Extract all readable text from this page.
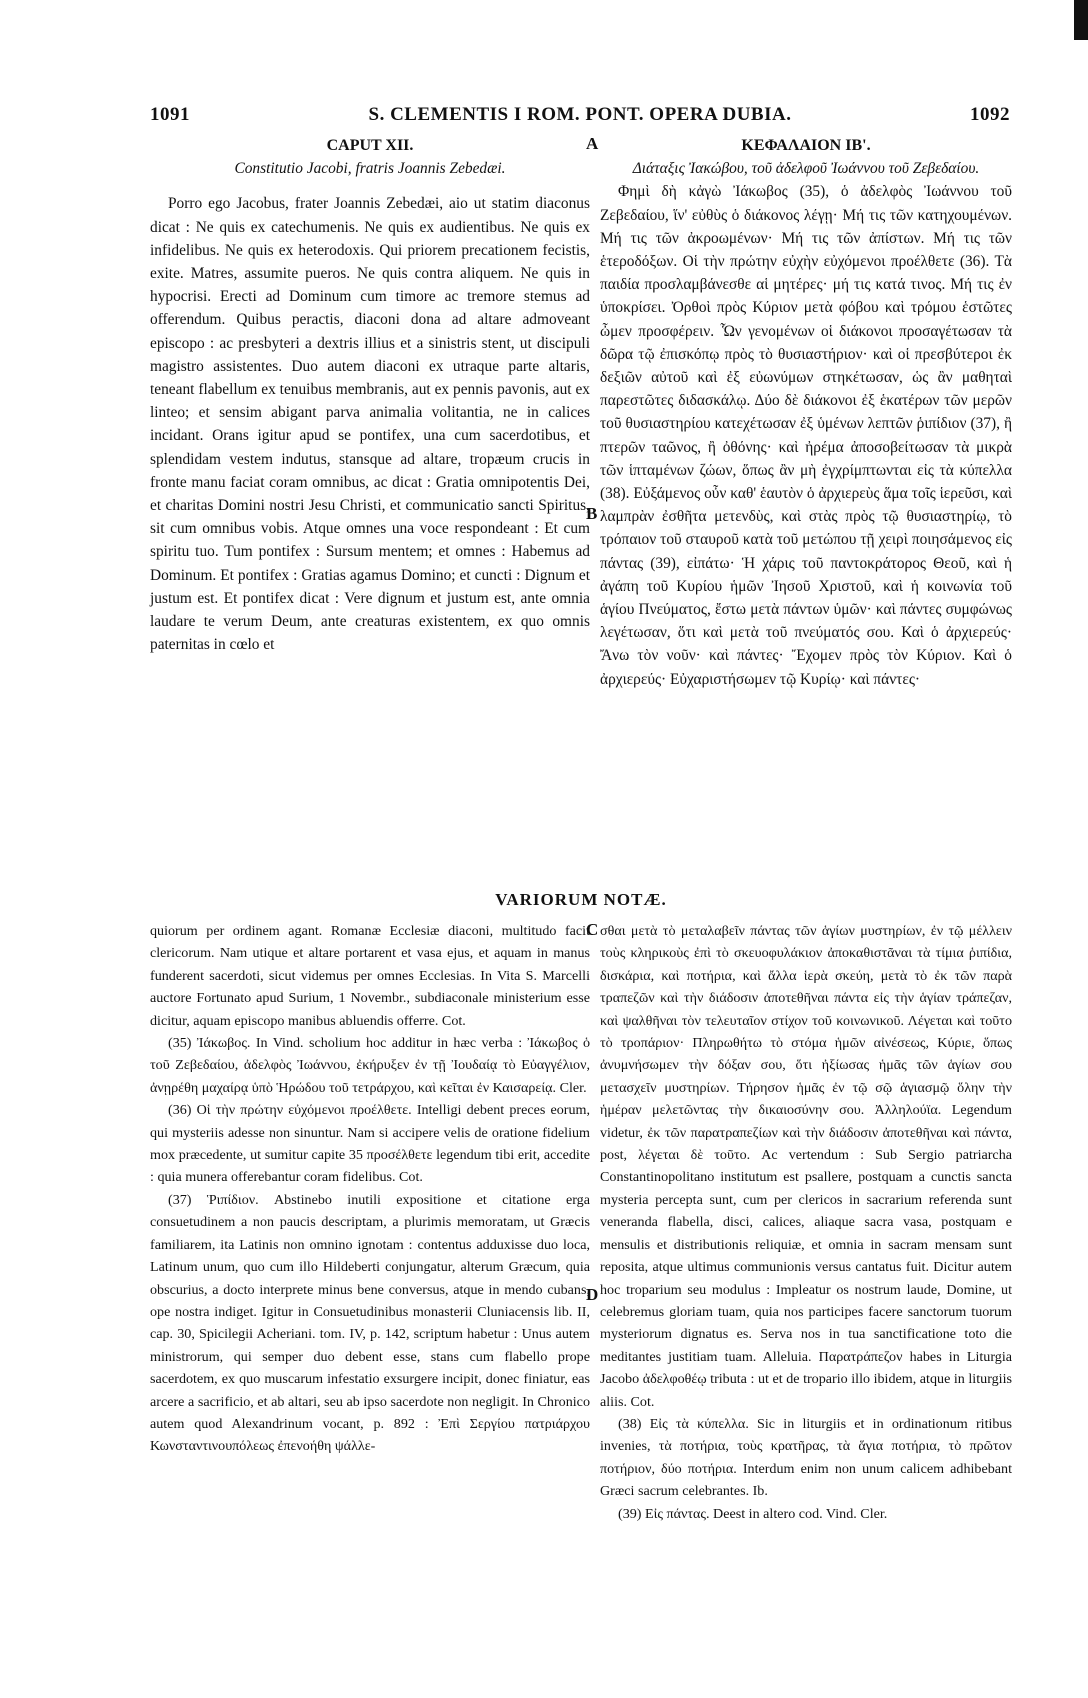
1091	S. CLEMENTIS I ROM. PONT. OPERA DUBIA.	1092

CAPUT XII.

Constitutio Jacobi, fratris Joannis Zebedæi.

Porro ego Jacobus, frater Joannis Zebedæi, aio ut statim diaconus dicat : Ne quis ex catechumenis. Ne quis ex audientibus. Ne quis ex infidelibus. Ne quis ex heterodoxis. Qui priorem precationem fecistis, exite. Matres, assumite pueros. Ne quis contra aliquem. Ne quis in hypocrisi. Erecti ad Dominum cum timore ac tremore stemus ad offerendum. Quibus peractis, diaconi dona ad altare admoveant episcopo : ac presbyteri a dextris illius et a sinistris stent, ut discipuli magistro assistentes. Duo autem diaconi ex utraque parte altaris, teneant flabellum ex tenuibus membranis, aut ex pennis pavonis, aut ex linteo; et sensim abigant parva animalia volitantia, ne in calices incidant. Orans igitur apud se pontifex, una cum sacerdotibus, et splendidam vestem indutus, stansque ad altare, tropæum crucis in fronte manu faciat coram omnibus, ac dicat : Gratia omnipotentis Dei, et charitas Domini nostri Jesu Christi, et communicatio sancti Spiritus, sit cum omnibus vobis. Atque omnes una voce respondeant : Et cum spiritu tuo. Tum pontifex : Sursum mentem; et omnes : Habemus ad Dominum. Et pontifex : Gratias agamus Domino; et cuncti : Dignum et justum est. Et pontifex dicat : Vere dignum et justum est, ante omnia laudare te verum Deum, ante creaturas existentem, ex quo omnis paternitas in cœlo et

ΚΕΦΑΛΑΙΟΝ ΙΒ'.

Διάταξις Ἰακώβου, τοῦ ἀδελφοῦ Ἰωάννου τοῦ Ζεβεδαίου.

Φημὶ δὴ κἀγὼ Ἰάκωβος (35), ὁ ἀδελφὸς Ἰωάννου τοῦ Ζεβεδαίου, ἵν' εὐθὺς ὁ διάκονος λέγῃ· Μή τις τῶν κατηχουμένων. Μή τις τῶν ἀκροωμένων· Μή τις τῶν ἀπίστων. Μή τις τῶν ἑτεροδόξων. Οἱ τὴν πρώτην εὐχὴν εὐχόμενοι προέλθετε (36). Τὰ παιδία προσλαμβάνεσθε αἱ μητέρες· μή τις κατά τινος. Μή τις ἐν ὑποκρίσει. Ὀρθοὶ πρὸς Κύριον μετὰ φόβου καὶ τρόμου ἑστῶτες ὦμεν προσφέρειν. Ὧν γενομένων οἱ διάκονοι προσαγέτωσαν τὰ δῶρα τῷ ἐπισκόπῳ πρὸς τὸ θυσιαστήριον· καὶ οἱ πρεσβύτεροι ἐκ δεξιῶν αὐτοῦ καὶ ἐξ εὐωνύμων στηκέτωσαν, ὡς ἂν μαθηταὶ παρεστῶτες διδασκάλῳ. Δύο δὲ διάκονοι ἐξ ἑκατέρων τῶν μερῶν τοῦ θυσιαστηρίου κατεχέτωσαν ἐξ ὑμένων λεπτῶν ῥιπίδιον (37), ἢ πτερῶν ταῶνος, ἢ ὀθόνης· καὶ ἠρέμα ἀποσοβείτωσαν τὰ μικρὰ τῶν ἱπταμένων ζώων, ὅπως ἂν μὴ ἐγχρίμπτωνται εἰς τὰ κύπελλα (38). Εὐξάμενος οὖν καθ' ἑαυτὸν ὁ ἀρχιερεὺς ἅμα τοῖς ἱερεῦσι, καὶ λαμπρὰν ἐσθῆτα μετενδὺς, καὶ στὰς πρὸς τῷ θυσιαστηρίῳ, τὸ τρόπαιον τοῦ σταυροῦ κατὰ τοῦ μετώπου τῇ χειρὶ ποιησάμενος εἰς πάντας (39), εἰπάτω· Ἡ χάρις τοῦ παντοκράτορος Θεοῦ, καὶ ἡ ἀγάπη τοῦ Κυρίου ἡμῶν Ἰησοῦ Χριστοῦ, καὶ ἡ κοινωνία τοῦ ἁγίου Πνεύματος, ἔστω μετὰ πάντων ὑμῶν· καὶ πάντες συμφώνως λεγέτωσαν, ὅτι καὶ μετὰ τοῦ πνεύματός σου. Καὶ ὁ ἀρχιερεύς· Ἄνω τὸν νοῦν· καὶ πάντες· Ἔχομεν πρὸς τὸν Κύριον. Καὶ ὁ ἀρχιερεύς· Εὐχαριστήσωμεν τῷ Κυρίῳ· καὶ πάντες·

A
B
VARIORUM NOTÆ.

quiorum per ordinem agant. Romanæ Ecclesiæ diaconi, multitudo facit clericorum. Nam utique et altare portarent et vasa ejus, et aquam in manus funderent sacerdoti, sicut videmus per omnes Ecclesias. In Vita S. Marcelli auctore Fortunato apud Surium, 1 Novembr., subdiaconale ministerium esse dicitur, aquam episcopo manibus abluendis offerre. Cot.

(35) Ἰάκωβος. In Vind. scholium hoc additur in hæc verba : Ἰάκωβος ὁ τοῦ Ζεβεδαίου, ἀδελφὸς Ἰωάννου, ἐκήρυξεν ἐν τῇ Ἰουδαίᾳ τὸ Εὐαγγέλιον, ἀνῃρέθη μαχαίρᾳ ὑπὸ Ἡρώδου τοῦ τετράρχου, καὶ κεῖται ἐν Καισαρείᾳ. Cler.

(36) Οἱ τὴν πρώτην εὐχόμενοι προέλθετε. Intelligi debent preces eorum, qui mysteriis adesse non sinuntur. Nam si accipere velis de oratione fidelium mox præcedente, ut sumitur capite 35 προσέλθετε legendum tibi erit, accedite : quia munera offerebantur coram fidelibus. Cot.

(37) Ῥιπίδιον. Abstinebo inutili expositione et citatione erga consuetudinem a non paucis descriptam, a plurimis memoratam, ut Græcis familiarem, ita Latinis non omnino ignotam : contentus adduxisse duo loca, Latinum unum, quo cum illo Hildeberti conjungatur, alterum Græcum, quia obscurius, a docto interprete minus bene conversus, atque in mendo cubans, ope nostra indiget. Igitur in Consuetudinibus monasterii Cluniacensis lib. II, cap. 30, Spicilegii Acheriani. tom. IV, p. 142, scriptum habetur : Unus autem ministrorum, qui semper duo debent esse, stans cum flabello prope sacerdotem, ex quo muscarum infestatio exsurgere incipit, donec finiatur, eas arcere a sacrificio, et ab altari, seu ab ipso sacerdote non negligit. In Chronico autem quod Alexandrinum vocant, p. 892 : Ἐπὶ Σεργίου πατριάρχου Κωνσταντινουπόλεως ἐπενοήθη ψάλλε-

σθαι μετὰ τὸ μεταλαβεῖν πάντας τῶν ἁγίων μυστηρίων, ἐν τῷ μέλλειν τοὺς κληρικοὺς ἐπὶ τὸ σκευοφυλάκιον ἀποκαθιστᾶναι τὰ τίμια ῥιπίδια, δισκάρια, καὶ ποτήρια, καὶ ἄλλα ἱερὰ σκεύη, μετὰ τὸ ἐκ τῶν παρὰ τραπεζῶν καὶ τὴν διάδοσιν ἀποτεθῆναι πάντα εἰς τὴν ἁγίαν τράπεζαν, καὶ ψαλθῆναι τὸν τελευταῖον στίχον τοῦ κοινωνικοῦ. Λέγεται καὶ τοῦτο τὸ τροπάριον· Πληρωθήτω τὸ στόμα ἡμῶν αἰνέσεως, Κύριε, ὅπως ἀνυμνήσωμεν τὴν δόξαν σου, ὅτι ἠξίωσας ἡμᾶς τῶν ἁγίων σου μετασχεῖν μυστηρίων. Τήρησον ἡμᾶς ἐν τῷ σῷ ἁγιασμῷ ὅλην τὴν ἡμέραν μελετῶντας τὴν δικαιοσύνην σου. Ἀλληλούϊα. Legendum videtur, ἐκ τῶν παρατραπεζίων καὶ τὴν διάδοσιν ἀποτεθῆναι καὶ πάντα, post, λέγεται δὲ τοῦτο. Ac vertendum : Sub Sergio patriarcha Constantinopolitano institutum est psallere, postquam a cunctis sancta mysteria percepta sunt, cum per clericos in sacrarium referenda sunt veneranda flabella, disci, calices, aliaque sacra vasa, postquam e mensulis et distributionis reliquiæ, et omnia in sacram mensam sunt reposita, atque ultimus communionis versus cantatus fuit. Dicitur autem hoc troparium seu modulus : Impleatur os nostrum laude, Domine, ut celebremus gloriam tuam, quia nos participes facere sanctorum tuorum mysteriorum dignatus es. Serva nos in tua sanctificatione toto die meditantes justitiam tuam. Alleluia. Παρατράπεζον habes in Liturgia Jacobo ἀδελφοθέῳ tributa : ut et de tropario illo ibidem, atque in liturgiis aliis. Cot.

(38) Εἰς τὰ κύπελλα. Sic in liturgiis et in ordinationum ritibus invenies, τὰ ποτήρια, τοὺς κρατῆρας, τὰ ἅγια ποτήρια, τὸ πρῶτον ποτήριον, δύο ποτήρια. Interdum enim non unum calicem adhibebant Græci sacrum celebrantes. Ib.

(39) Εἰς πάντας. Deest in altero cod. Vind. Cler.

C
D
